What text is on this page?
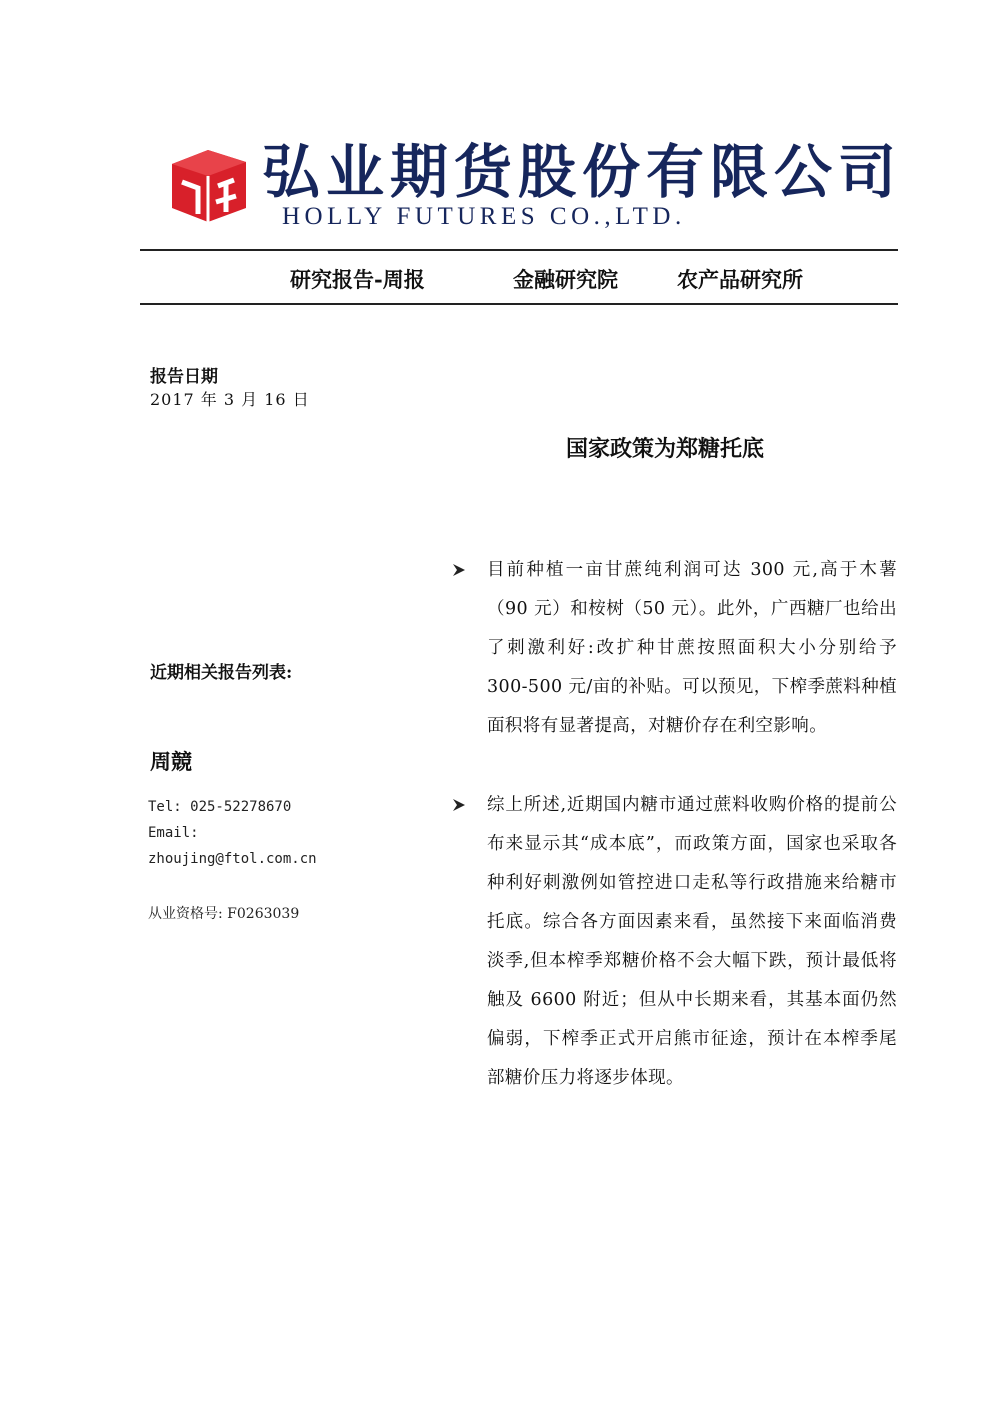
弘业期货股份有限公司
HOLLY FUTURES CO.,LTD.
研究报告-周报	金融研究院	农产品研究所
报告日期
2017 年 3 月 16 日
近期相关报告列表:
周競
Tel: 025-52278670
Email:
zhoujing@ftol.com.cn
从业资格号: F0263039
国家政策为郑糖托底
目前种植一亩甘蔗纯利润可达 300 元,高于木薯（90 元）和桉树（50 元）。此外，广西糖厂也给出了刺激利好:改扩种甘蔗按照面积大小分别给予 300-500 元/亩的补贴。可以预见，下榨季蔗料种植面积将有显著提高，对糖价存在利空影响。
综上所述,近期国内糖市通过蔗料收购价格的提前公布来显示其“成本底”，而政策方面，国家也采取各种利好刺激例如管控进口走私等行政措施来给糖市托底。综合各方面因素来看，虽然接下来面临消费淡季,但本榨季郑糖价格不会大幅下跌，预计最低将触及 6600 附近；但从中长期来看，其基本面仍然偏弱，下榨季正式开启熊市征途，预计在本榨季尾部糖价压力将逐步体现。
